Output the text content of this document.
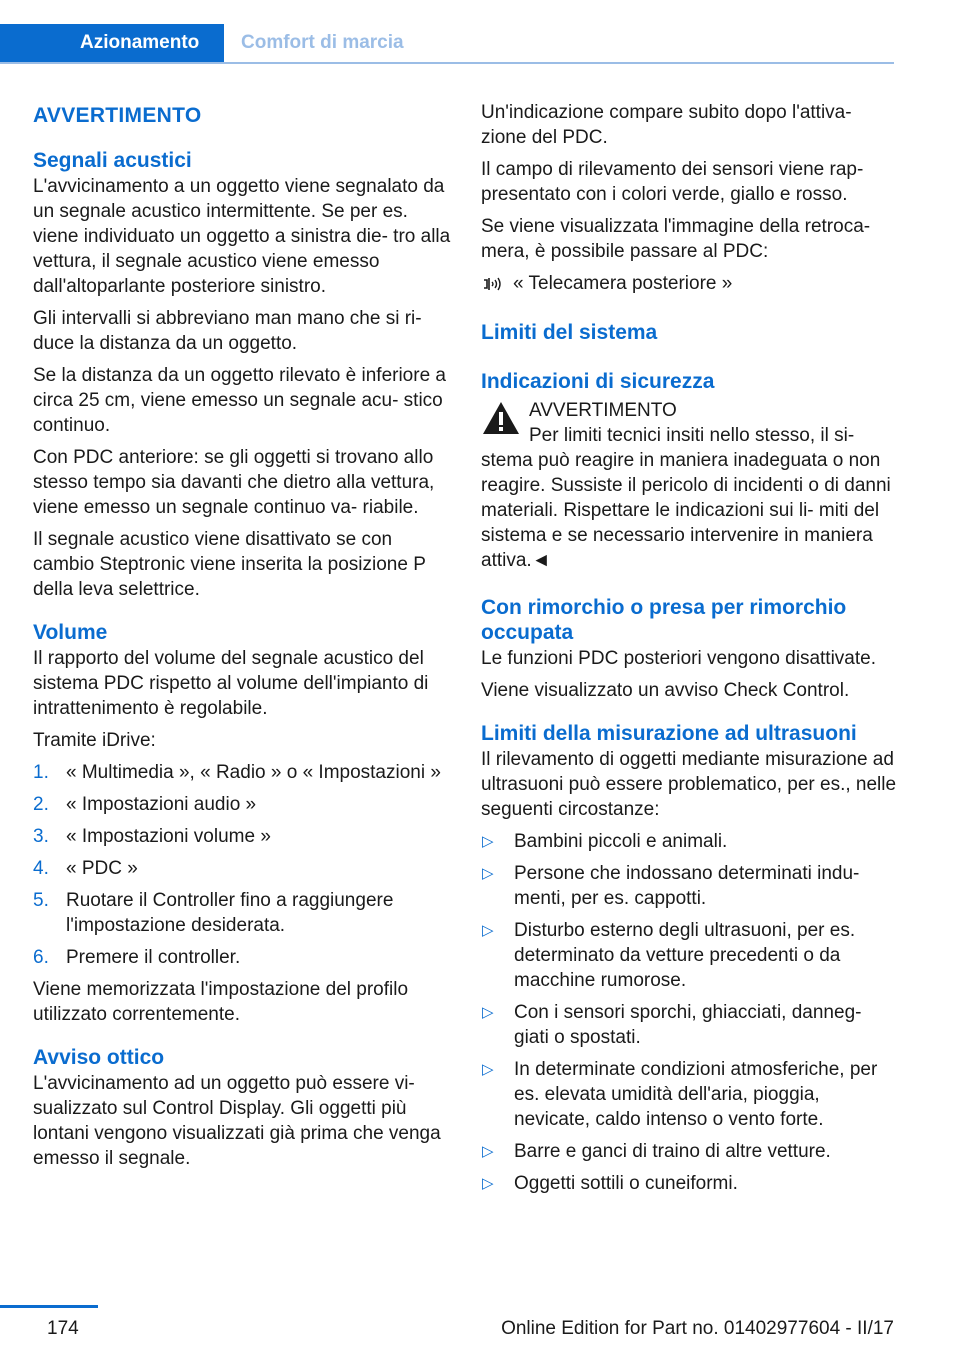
Azionamento	Comfort di marcia
AVVERTIMENTO
Segnali acustici

L'avvicinamento a un oggetto viene segnalato da un segnale acustico intermittente. Se per es. viene individuato un oggetto a sinistra die‐ tro alla vettura, il segnale acustico viene emesso dall'altoparlante posteriore sinistro.

Gli intervalli si abbreviano man mano che si ri‐ duce la distanza da un oggetto.

Se la distanza da un oggetto rilevato è inferiore a circa 25 cm, viene emesso un segnale acu‐ stico continuo.

Con PDC anteriore: se gli oggetti si trovano allo stesso tempo sia davanti che dietro alla vettura, viene emesso un segnale continuo va‐ riabile.

Il segnale acustico viene disattivato se con cambio Steptronic viene inserita la posizione P della leva selettrice.

Volume

Il rapporto del volume del segnale acustico del sistema PDC rispetto al volume dell'impianto di intrattenimento è regolabile.

Tramite iDrive:

1. « Multimedia », « Radio » o « Impostazioni »
2. « Impostazioni audio »
3. « Impostazioni volume »
4. « PDC »
5. Ruotare il Controller fino a raggiungere l'impostazione desiderata.
6. Premere il controller.

Viene memorizzata l'impostazione del profilo utilizzato correntemente.

Avviso ottico

L'avvicinamento ad un oggetto può essere vi‐ sualizzato sul Control Display. Gli oggetti più lontani vengono visualizzati già prima che venga emesso il segnale.

Un'indicazione compare subito dopo l'attiva‐ zione del PDC.

Il campo di rilevamento dei sensori viene rap‐ presentato con i colori verde, giallo e rosso.

Se viene visualizzata l'immagine della retroca‐ mera, è possibile passare al PDC:

« Telecamera posteriore »
Limiti del sistema
Indicazioni di sicurezza
AVVERTIMENTO

Per limiti tecnici insiti nello stesso, il si‐ stema può reagire in maniera inadeguata o non reagire. Sussiste il pericolo di incidenti o di danni materiali. Rispettare le indicazioni sui li‐ miti del sistema e se necessario intervenire in maniera attiva.◄

Con rimorchio o presa per rimorchio occupata

Le funzioni PDC posteriori vengono disattivate.

Viene visualizzato un avviso Check Control.

Limiti della misurazione ad ultrasuoni

Il rilevamento di oggetti mediante misurazione ad ultrasuoni può essere problematico, per es., nelle seguenti circostanze:

▷ Bambini piccoli e animali.
▷ Persone che indossano determinati indu‐ menti, per es. cappotti.
▷ Disturbo esterno degli ultrasuoni, per es. determinato da vetture precedenti o da macchine rumorose.
▷ Con i sensori sporchi, ghiacciati, danneg‐ giati o spostati.
▷ In determinate condizioni atmosferiche, per es. elevata umidità dell'aria, pioggia, nevicate, caldo intenso o vento forte.
▷ Barre e ganci di traino di altre vetture.
▷ Oggetti sottili o cuneiformi.
174	Online Edition for Part no. 01402977604 - II/17
